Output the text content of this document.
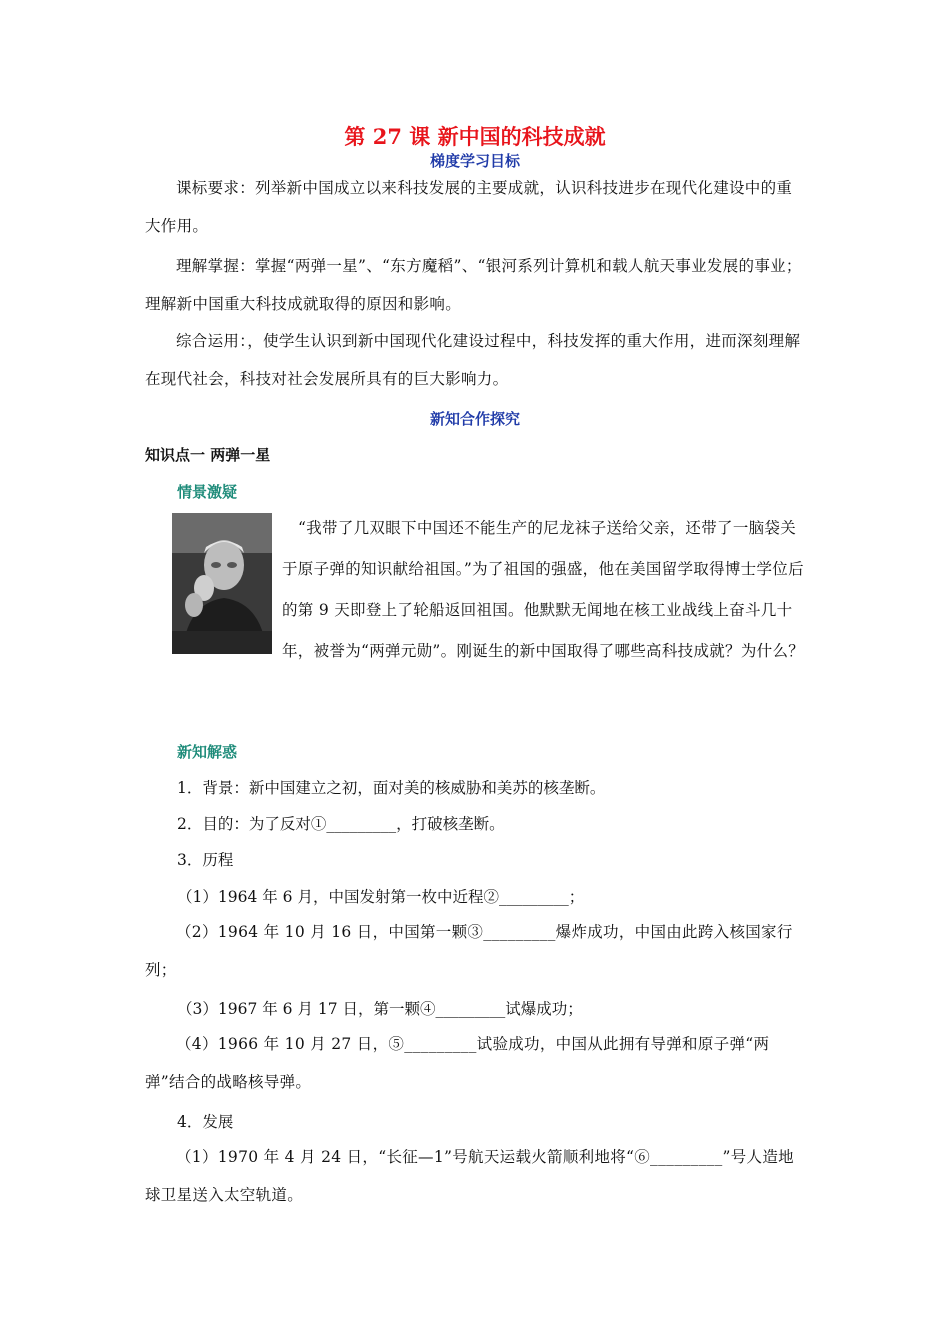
第 27 课 新中国的科技成就
梯度学习目标
课标要求：列举新中国成立以来科技发展的主要成就，认识科技进步在现代化建设中的重大作用。
理解掌握：掌握“两弹一星”、“东方魔稻”、“银河系列计算机和载人航天事业发展的事业；理解新中国重大科技成就取得的原因和影响。
综合运用：，使学生认识到新中国现代化建设过程中，科技发挥的重大作用，进而深刻理解在现代社会，科技对社会发展所具有的巨大影响力。
新知合作探究
知识点一 两弹一星
情景激疑
“我带了几双眼下中国还不能生产的尼龙袜子送给父亲，还带了一脑袋关于原子弹的知识献给祖国。”为了祖国的强盛，他在美国留学取得博士学位后的第 9 天即登上了轮船返回祖国。他默默无闻地在核工业战线上奋斗几十年，被誉为“两弹元勋”。刚诞生的新中国取得了哪些高科技成就？为什么？
新知解惑
1．背景：新中国建立之初，面对美的核威胁和美苏的核垄断。
2．目的：为了反对①_________，打破核垄断。
3．历程
（1）1964 年 6 月，中国发射第一枚中近程②_________；
（2）1964 年 10 月 16 日，中国第一颗③_________爆炸成功，中国由此跨入核国家行列；
（3）1967 年 6 月 17 日，第一颗④_________试爆成功；
（4）1966 年 10 月 27 日，⑤_________试验成功，中国从此拥有导弹和原子弹“两弹”结合的战略核导弹。
4．发展
（1）1970 年 4 月 24 日，“长征—1”号航天运载火箭顺利地将“⑥_________”号人造地球卫星送入太空轨道。
